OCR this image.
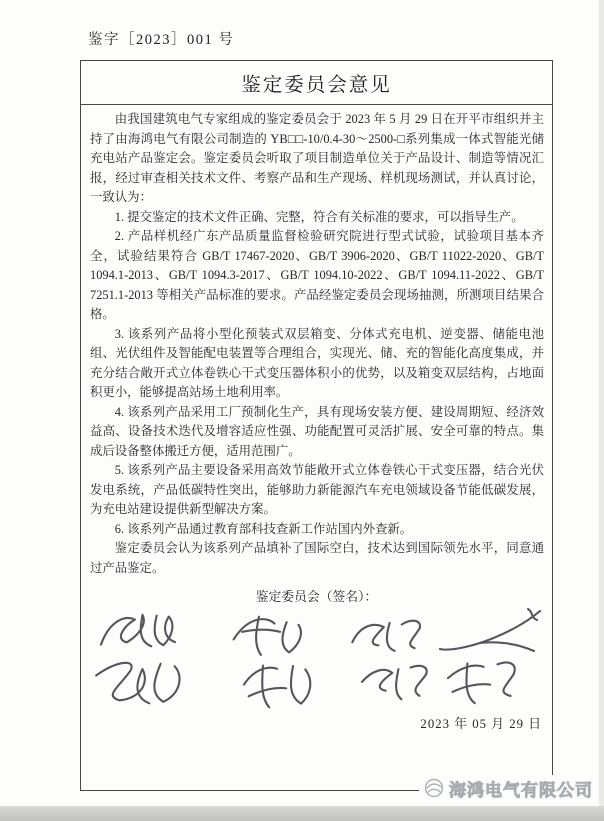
鉴字［2023］001 号
鉴定委员会意见

由我国建筑电气专家组成的鉴定委员会于 2023 年 5 月 29 日在开平市组织并主持了由海鸿电气有限公司制造的 YB□□-10/0.4-30～2500-□系列集成一体式智能光储充电站产品鉴定会。鉴定委员会听取了项目制造单位关于产品设计、制造等情况汇报，经过审查相关技术文件、考察产品和生产现场、样机现场测试，并认真讨论，一致认为：

1. 提交鉴定的技术文件正确、完整，符合有关标准的要求，可以指导生产。

2. 产品样机经广东产品质量监督检验研究院进行型式试验，试验项目基本齐全，试验结果符合 GB/T 17467-2020、GB/T 3906-2020、GB/T 11022-2020、GB/T 1094.1-2013、GB/T 1094.3-2017、GB/T 1094.10-2022、GB/T 1094.11-2022、GB/T 7251.1-2013 等相关产品标准的要求。产品经鉴定委员会现场抽测，所测项目结果合格。

3. 该系列产品将小型化预装式双层箱变、分体式充电机、逆变器、储能电池组、光伏组件及智能配电装置等合理组合，实现光、储、充的智能化高度集成，并充分结合敞开式立体卷铁心干式变压器体积小的优势，以及箱变双层结构，占地面积更小，能够提高站场土地利用率。

4. 该系列产品采用工厂预制化生产，具有现场安装方便、建设周期短、经济效益高、设备技术迭代及增容适应性强、功能配置可灵活扩展、安全可靠的特点。集成后设备整体搬迁方便，适用范围广。

5. 该系列产品主要设备采用高效节能敞开式立体卷铁心干式变压器，结合光伏发电系统，产品低碳特性突出，能够助力新能源汽车充电领域设备节能低碳发展，为充电站建设提供新型解决方案。

6. 该系列产品通过教育部科技查新工作站国内外查新。

鉴定委员会认为该系列产品填补了国际空白，技术达到国际领先水平，同意通过产品鉴定。

鉴定委员会（签名）：
2023 年 05 月 29 日
海鸿电气有限公司
